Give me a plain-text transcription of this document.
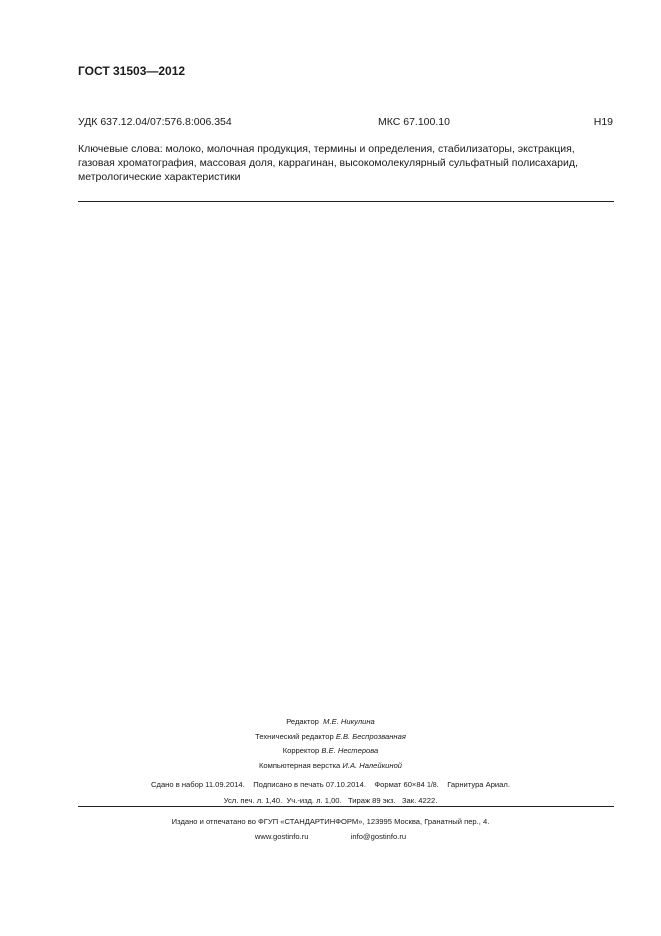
ГОСТ 31503—2012
УДК 637.12.04/07:576.8:006.354	МКС 67.100.10	Н19
Ключевые слова: молоко, молочная продукция, термины и определения, стабилизаторы, экстракция,
газовая хроматография, массовая доля, каррагинан, высокомолекулярный сульфатный полисахарид,
метрологические характеристики
Редактор М.Е. Никулина
Технический редактор Е.В. Беспрозванная
Корректор В.Е. Нестерова
Компьютерная верстка И.А. Налейкиной
Сдано в набор 11.09.2014. Подписано в печать 07.10.2014. Формат 60×84 1/8.    Гарнитура Ариал.
Усл. печ. л. 1,40. Уч.-изд. л. 1,00. Тираж 89 экз. Зак. 4222.
Издано и отпечатано во ФГУП «СТАНДАРТИНФОРМ», 123995 Москва, Гранатный пер., 4.
www.gostinfo.ru	info@gostinfo.ru
